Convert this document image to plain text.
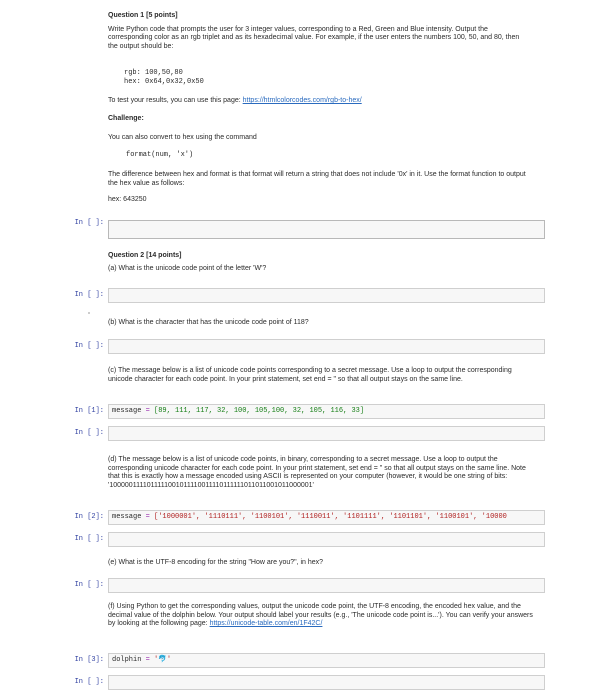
Question 1 [5 points]

Write Python code that prompts the user for 3 integer values, corresponding to a Red, Green and Blue intensity. Output the corresponding color as an rgb triplet and as its hexadecimal value. For example, if the user enters the numbers 100, 50, and 80, then the output should be:

rgb: 100,50,80
hex: 0x64,0x32,0x50
To test your results, you can use this page: https://htmlcolorcodes.com/rgb-to-hex/
Challenge:
You can also convert to hex using the command
format(num, 'x')
The difference between hex and format is that format will return a string that does not include '0x' in it. Use the format function to output the hex value as follows:
hex: 643250
In [ ]:

Question 2 [14 points]

(a) What is the unicode code point of the letter 'W'?

In [ ]:
(b) What is the character that has the unicode code point of 118?
In [ ]:
(c) The message below is a list of unicode code points corresponding to a secret message. Use a loop to output the corresponding unicode character for each code point. In your print statement, set end = " so that all output stays on the same line.
In [1]:	message = [89, 111, 117, 32, 100, 105,100, 32, 105, 116, 33]
In [ ]:

(d) The message below is a list of unicode code points, in binary, corresponding to a secret message. Use a loop to output the corresponding unicode character for each code point. In your print statement, set end = " so that all output stays on the same line. Note that this is exactly how a message encoded using ASCII is represented on your computer (however, it would be one string of bits:

'1000001111011111001011110011110111111011011001011000001'

In [2]:	message = ['1000001', '1110111', '1100101', '1110011', '1101111', '1101101', '1100101', '10000
In [ ]:
(e) What is the UTF-8 encoding for the string "How are you?", in hex?
In [ ]:
(f) Using Python to get the corresponding values, output the unicode code point, the UTF-8 encoding, the encoded hex value, and the decimal value of the dolphin below. Your output should label your results (e.g., 'The unicode code point is...'). You can verify your answers by looking at the following page: https://unicode-table.com/en/1F42C/
In [3]:	dolphin = '🐬'
In [ ]:
